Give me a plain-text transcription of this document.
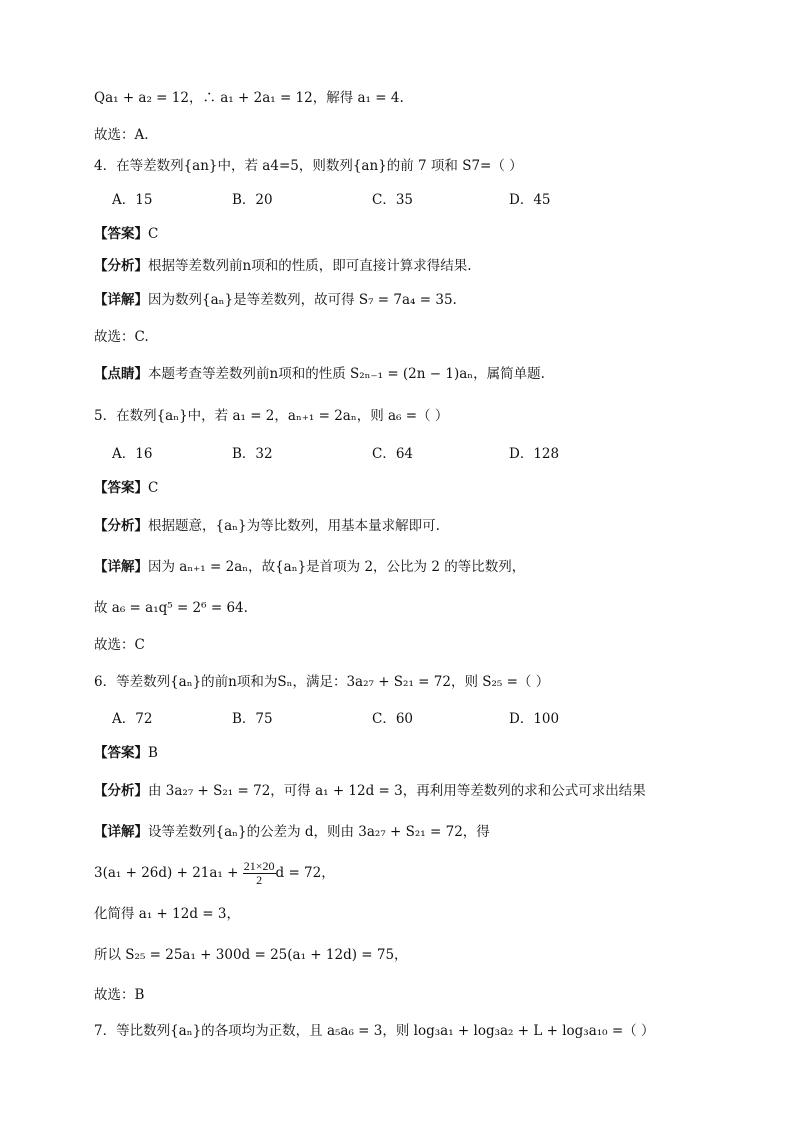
Qa₁ + a₂ = 12，∴ a₁ + 2a₁ = 12，解得 a₁ = 4.
故选：A.
4．在等差数列{an}中，若 a4=5，则数列{an}的前 7 项和 S7=（ ）
A．15	B．20	C．35	D．45
【答案】C
【分析】根据等差数列前n项和的性质，即可直接计算求得结果.
【详解】因为数列{aₙ}是等差数列，故可得 S₇ = 7a₄ = 35.
故选：C.
【点睛】本题考查等差数列前n项和的性质 S₂ₙ₋₁ = (2n − 1)aₙ，属简单题.
5．在数列{aₙ}中，若 a₁ = 2，aₙ₊₁ = 2aₙ，则 a₆ =（ ）
A．16	B．32	C．64	D．128
【答案】C
【分析】根据题意，{aₙ}为等比数列，用基本量求解即可.
【详解】因为 aₙ₊₁ = 2aₙ，故{aₙ}是首项为 2，公比为 2 的等比数列，
故 a₆ = a₁q⁵ = 2⁶ = 64.
故选：C
6．等差数列{aₙ}的前n项和为Sₙ，满足：3a₂₇ + S₂₁ = 72，则 S₂₅ =（ ）
A．72	B．75	C．60	D．100
【答案】B
【分析】由 3a₂₇ + S₂₁ = 72，可得 a₁ + 12d = 3，再利用等差数列的求和公式可求出结果
【详解】设等差数列{aₙ}的公差为 d，则由 3a₂₇ + S₂₁ = 72，得
$3(a_1 + 26d) + 21a_1 + \frac{21\times 20}{2}$ d = 72，
化简得 a₁ + 12d = 3，
所以 S₂₅ = 25a₁ + 300d = 25(a₁ + 12d) = 75，
故选：B
7．等比数列{aₙ}的各项均为正数，且 a₅a₆ = 3，则 log₃a₁ + log₃a₂ + L + log₃a₁₀ =（ ）
